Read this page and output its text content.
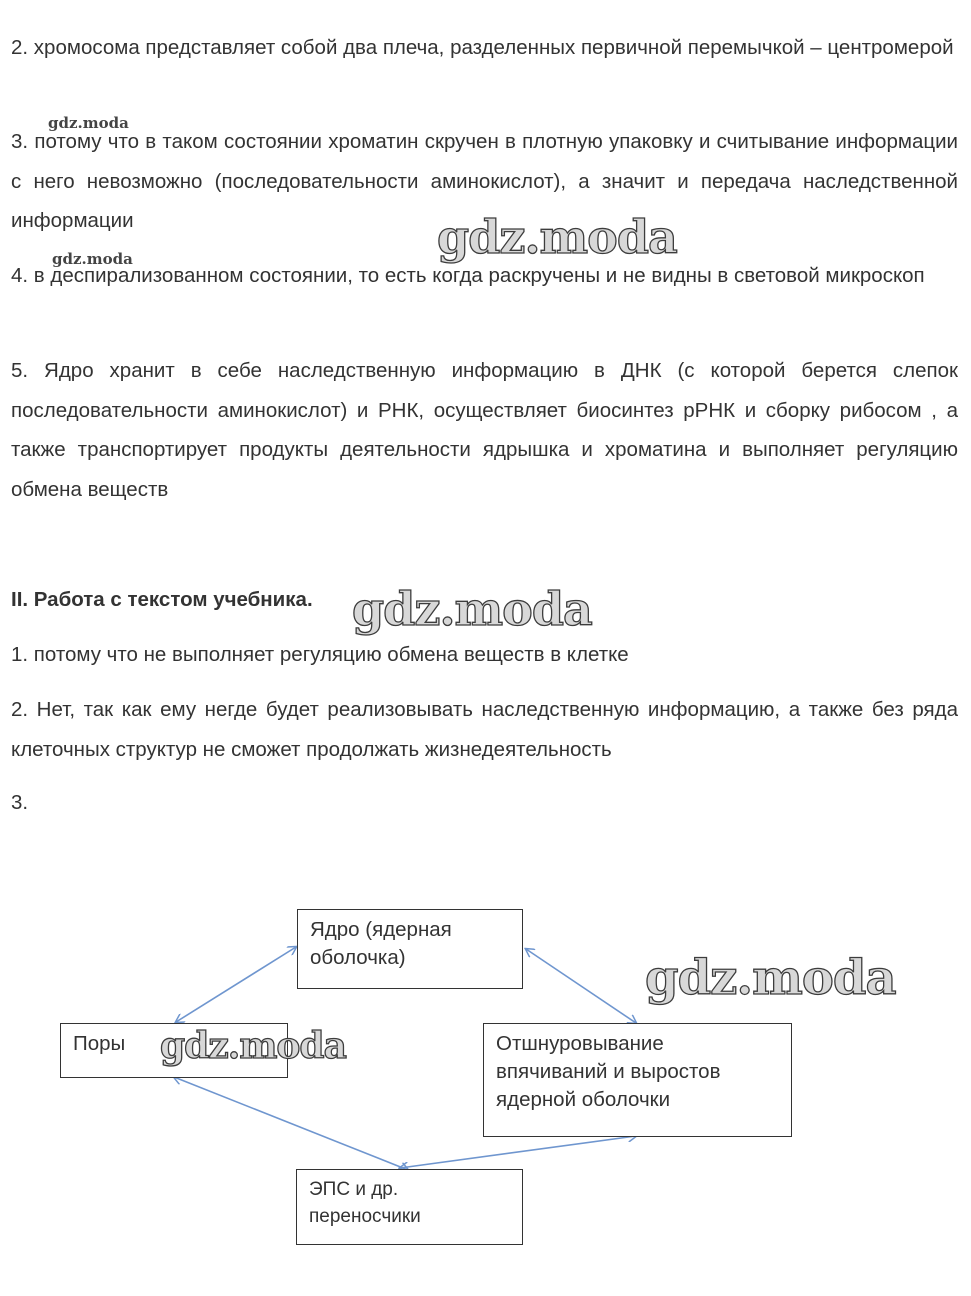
2. хромосома представляет собой два плеча, разделенных первичной перемычкой – центромерой

3. потому что в таком состоянии хроматин скручен в плотную упаковку и считывание информации с него невозможно (последовательности аминокислот), а значит и передача наследственной информации

4. в деспирализованном состоянии, то есть когда раскручены и не видны в световой микроскоп

5. Ядро хранит в себе наследственную информацию в ДНК (с которой берется слепок последовательности аминокислот) и РНК, осуществляет биосинтез рРНК и сборку рибосом , а также транспортирует продукты деятельности ядрышка и хроматина и выполняет регуляцию обмена веществ

II. Работа с текстом учебника.

1. потому что не выполняет регуляцию обмена веществ в клетке

2. Нет, так как ему негде будет реализовывать наследственную информацию, а также без ряда клеточных структур не сможет продолжать жизнедеятельность

3.

Ядро (ядерная оболочка)
Поры	Отшнуровывание впячиваний и выростов ядерной оболочки
ЭПС и др. переносчики
gdz.moda
gdz.moda	gdz.moda
gdz.moda
gdz.moda
gdz.moda
